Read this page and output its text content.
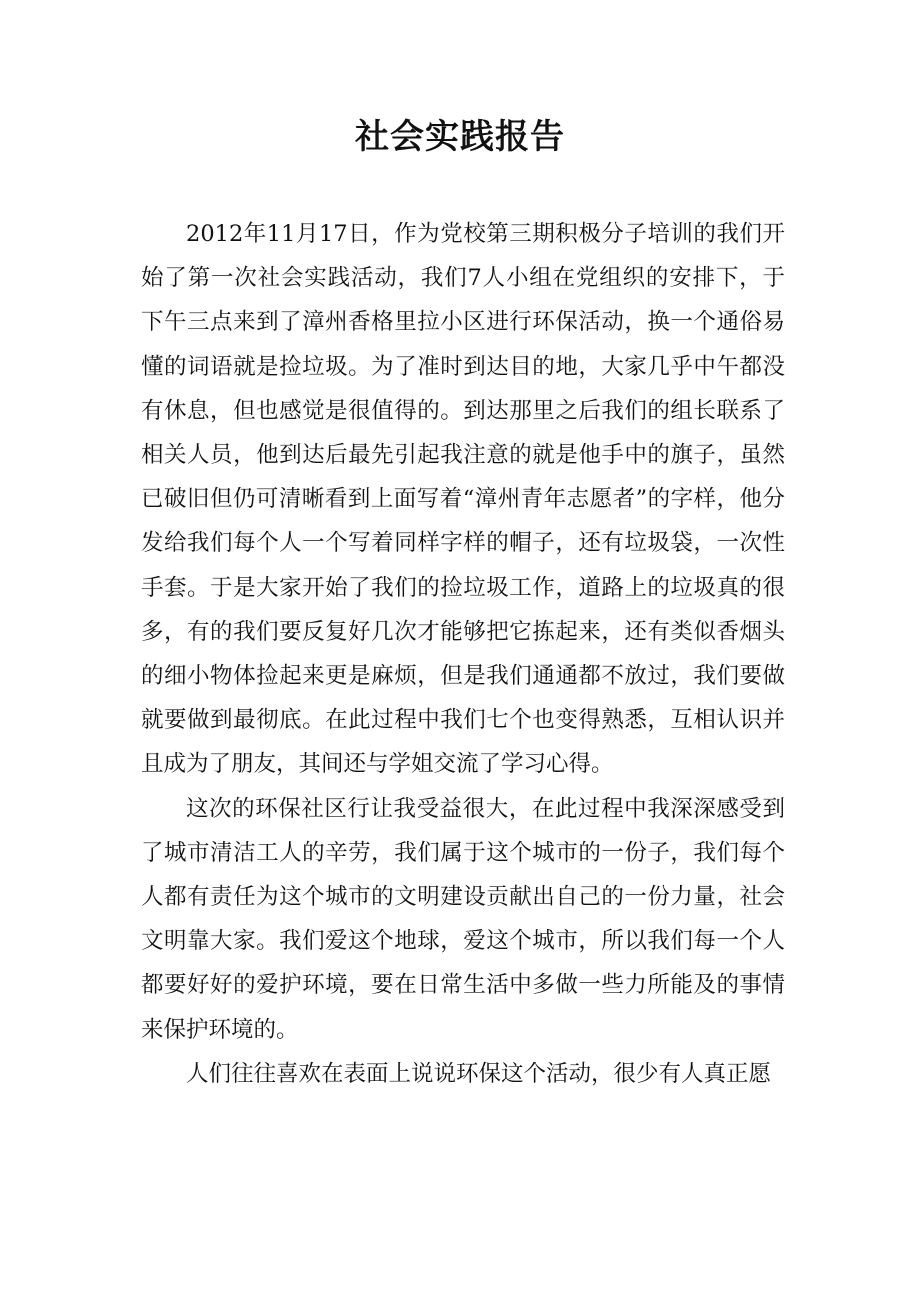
社会实践报告

2012年11月17日，作为党校第三期积极分子培训的我们开始了第一次社会实践活动，我们7人小组在党组织的安排下，于下午三点来到了漳州香格里拉小区进行环保活动，换一个通俗易懂的词语就是捡垃圾。为了准时到达目的地，大家几乎中午都没有休息，但也感觉是很值得的。到达那里之后我们的组长联系了相关人员，他到达后最先引起我注意的就是他手中的旗子，虽然已破旧但仍可清晰看到上面写着“漳州青年志愿者”的字样，他分发给我们每个人一个写着同样字样的帽子，还有垃圾袋，一次性手套。于是大家开始了我们的捡垃圾工作，道路上的垃圾真的很多，有的我们要反复好几次才能够把它拣起来，还有类似香烟头的细小物体捡起来更是麻烦，但是我们通通都不放过，我们要做就要做到最彻底。在此过程中我们七个也变得熟悉，互相认识并且成为了朋友，其间还与学姐交流了学习心得。

这次的环保社区行让我受益很大，在此过程中我深深感受到了城市清洁工人的辛劳，我们属于这个城市的一份子，我们每个人都有责任为这个城市的文明建设贡献出自己的一份力量，社会文明靠大家。我们爱这个地球，爱这个城市，所以我们每一个人都要好好的爱护环境，要在日常生活中多做一些力所能及的事情来保护环境的。

人们往往喜欢在表面上说说环保这个活动，很少有人真正愿
